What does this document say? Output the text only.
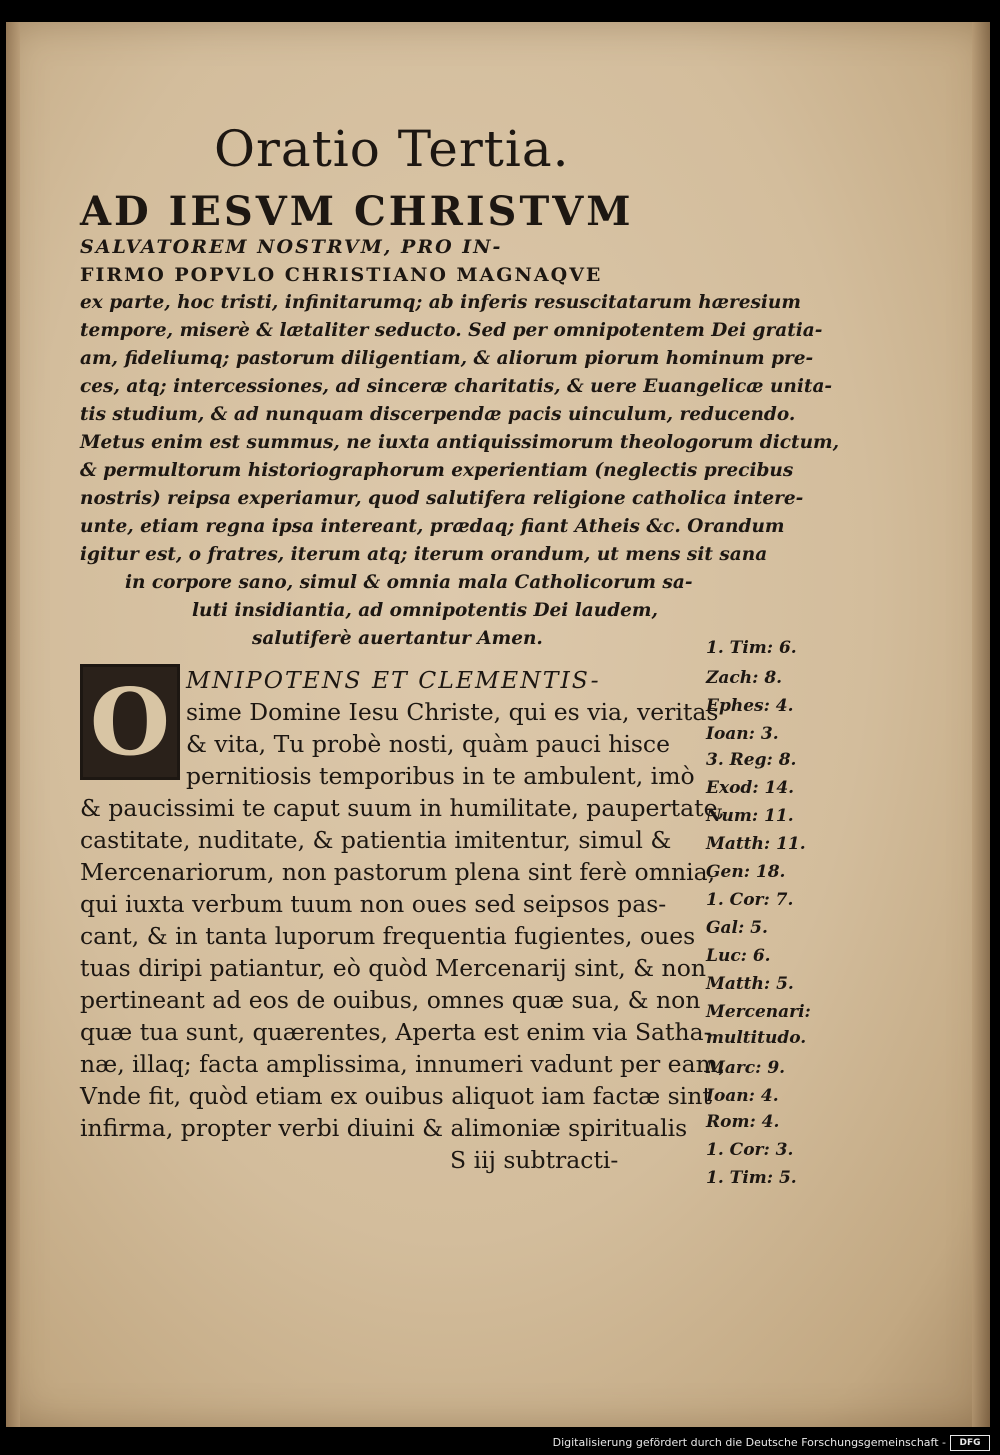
Oratio Tertia.
AD IESVM CHRISTVM
SALVATOREM NOSTRVM, PRO IN-
FIRMO POPVLO CHRISTIANO MAGNAQVE
ex parte, hoc tristi, infinitarumq; ab inferis resuscitatarum hæresium
tempore, miserè & lætaliter seducto. Sed per omnipotentem Dei gratia-
am, fideliumq; pastorum diligentiam, & aliorum piorum hominum pre-
ces, atq; intercessiones, ad sinceræ charitatis, & uere Euangelicæ unita-
tis studium, & ad nunquam discerpendæ pacis uinculum, reducendo.
Metus enim est summus, ne iuxta antiquissimorum theologorum dictum,
& permultorum historiographorum experientiam (neglectis precibus
nostris) reipsa experiamur, quod salutifera religione catholica intere-
unte, etiam regna ipsa intereant, prædaq; fiant Atheis &c. Orandum
igitur est, o fratres, iterum atq; iterum orandum, ut mens sit sana
in corpore sano, simul & omnia mala Catholicorum sa-
luti insidiantia, ad omnipotentis Dei laudem,
salutiferè auertantur Amen.
O MNIPOTENS ET CLEMENTIS-
sime Domine Iesu Christe, qui es via, veritas
& vita, Tu probè nosti, quàm pauci hisce
pernitiosis temporibus in te ambulent, imò
& paucissimi te caput suum in humilitate, paupertate,
castitate, nuditate, & patientia imitentur, simul &
Mercenariorum, non pastorum plena sint ferè omnia,
qui iuxta verbum tuum non oues sed seipsos pas-
cant, & in tanta luporum frequentia fugientes, oues
tuas diripi patiantur, eò quòd Mercenarij sint, & non
pertineant ad eos de ouibus, omnes quæ sua, & non
quæ tua sunt, quærentes, Aperta est enim via Satha-
næ, illaq; facta amplissima, innumeri vadunt per eam,
Vnde fit, quòd etiam ex ouibus aliquot iam factæ sint
infirma, propter verbi diuini & alimoniæ spiritualis
S iij subtracti-
1. Tim: 6.
Zach: 8.
Ephes: 4.
Ioan: 3.
3. Reg: 8.
Exod: 14.
Num: 11.
Matth: 11.
Gen: 18.
1. Cor: 7.
Gal: 5.
Luc: 6.
Matth: 5.
Mercenari:
multitudo.
Marc: 9.
Ioan: 4.
Rom: 4.
1. Cor: 3.
1. Tim: 5.
Digitalisierung gefördert durch die Deutsche Forschungsgemeinschaft -	DFG
